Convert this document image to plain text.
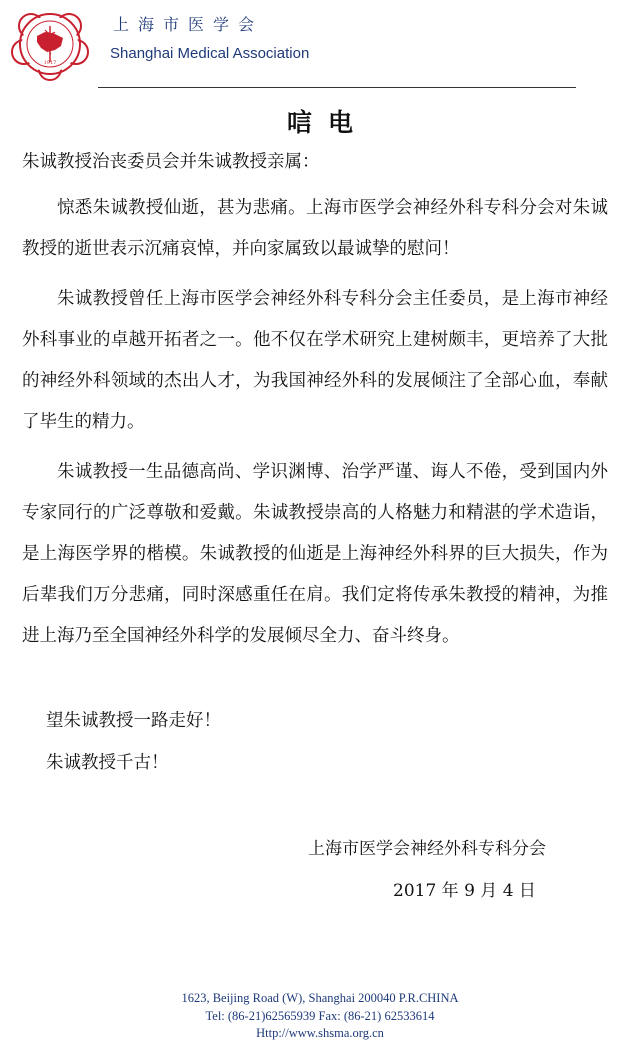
1917
上海市医学会
Shanghai Medical Association
唁电
朱诚教授治丧委员会并朱诚教授亲属：

惊悉朱诚教授仙逝，甚为悲痛。上海市医学会神经外科专科分会对朱诚教授的逝世表示沉痛哀悼，并向家属致以最诚挚的慰问！

朱诚教授曾任上海市医学会神经外科专科分会主任委员，是上海市神经外科事业的卓越开拓者之一。他不仅在学术研究上建树颇丰，更培养了大批的神经外科领域的杰出人才，为我国神经外科的发展倾注了全部心血，奉献了毕生的精力。

朱诚教授一生品德高尚、学识渊博、治学严谨、诲人不倦，受到国内外专家同行的广泛尊敬和爱戴。朱诚教授崇高的人格魅力和精湛的学术造诣，是上海医学界的楷模。朱诚教授的仙逝是上海神经外科界的巨大损失，作为后辈我们万分悲痛，同时深感重任在肩。我们定将传承朱教授的精神，为推进上海乃至全国神经外科学的发展倾尽全力、奋斗终身。

望朱诚教授一路走好！
朱诚教授千古！
上海市医学会神经外科专科分会
2017 年 9 月 4 日
1623, Beijing Road (W), Shanghai 200040 P.R.CHINA
Tel: (86-21)62565939 Fax: (86-21) 62533614
Http://www.shsma.org.cn
